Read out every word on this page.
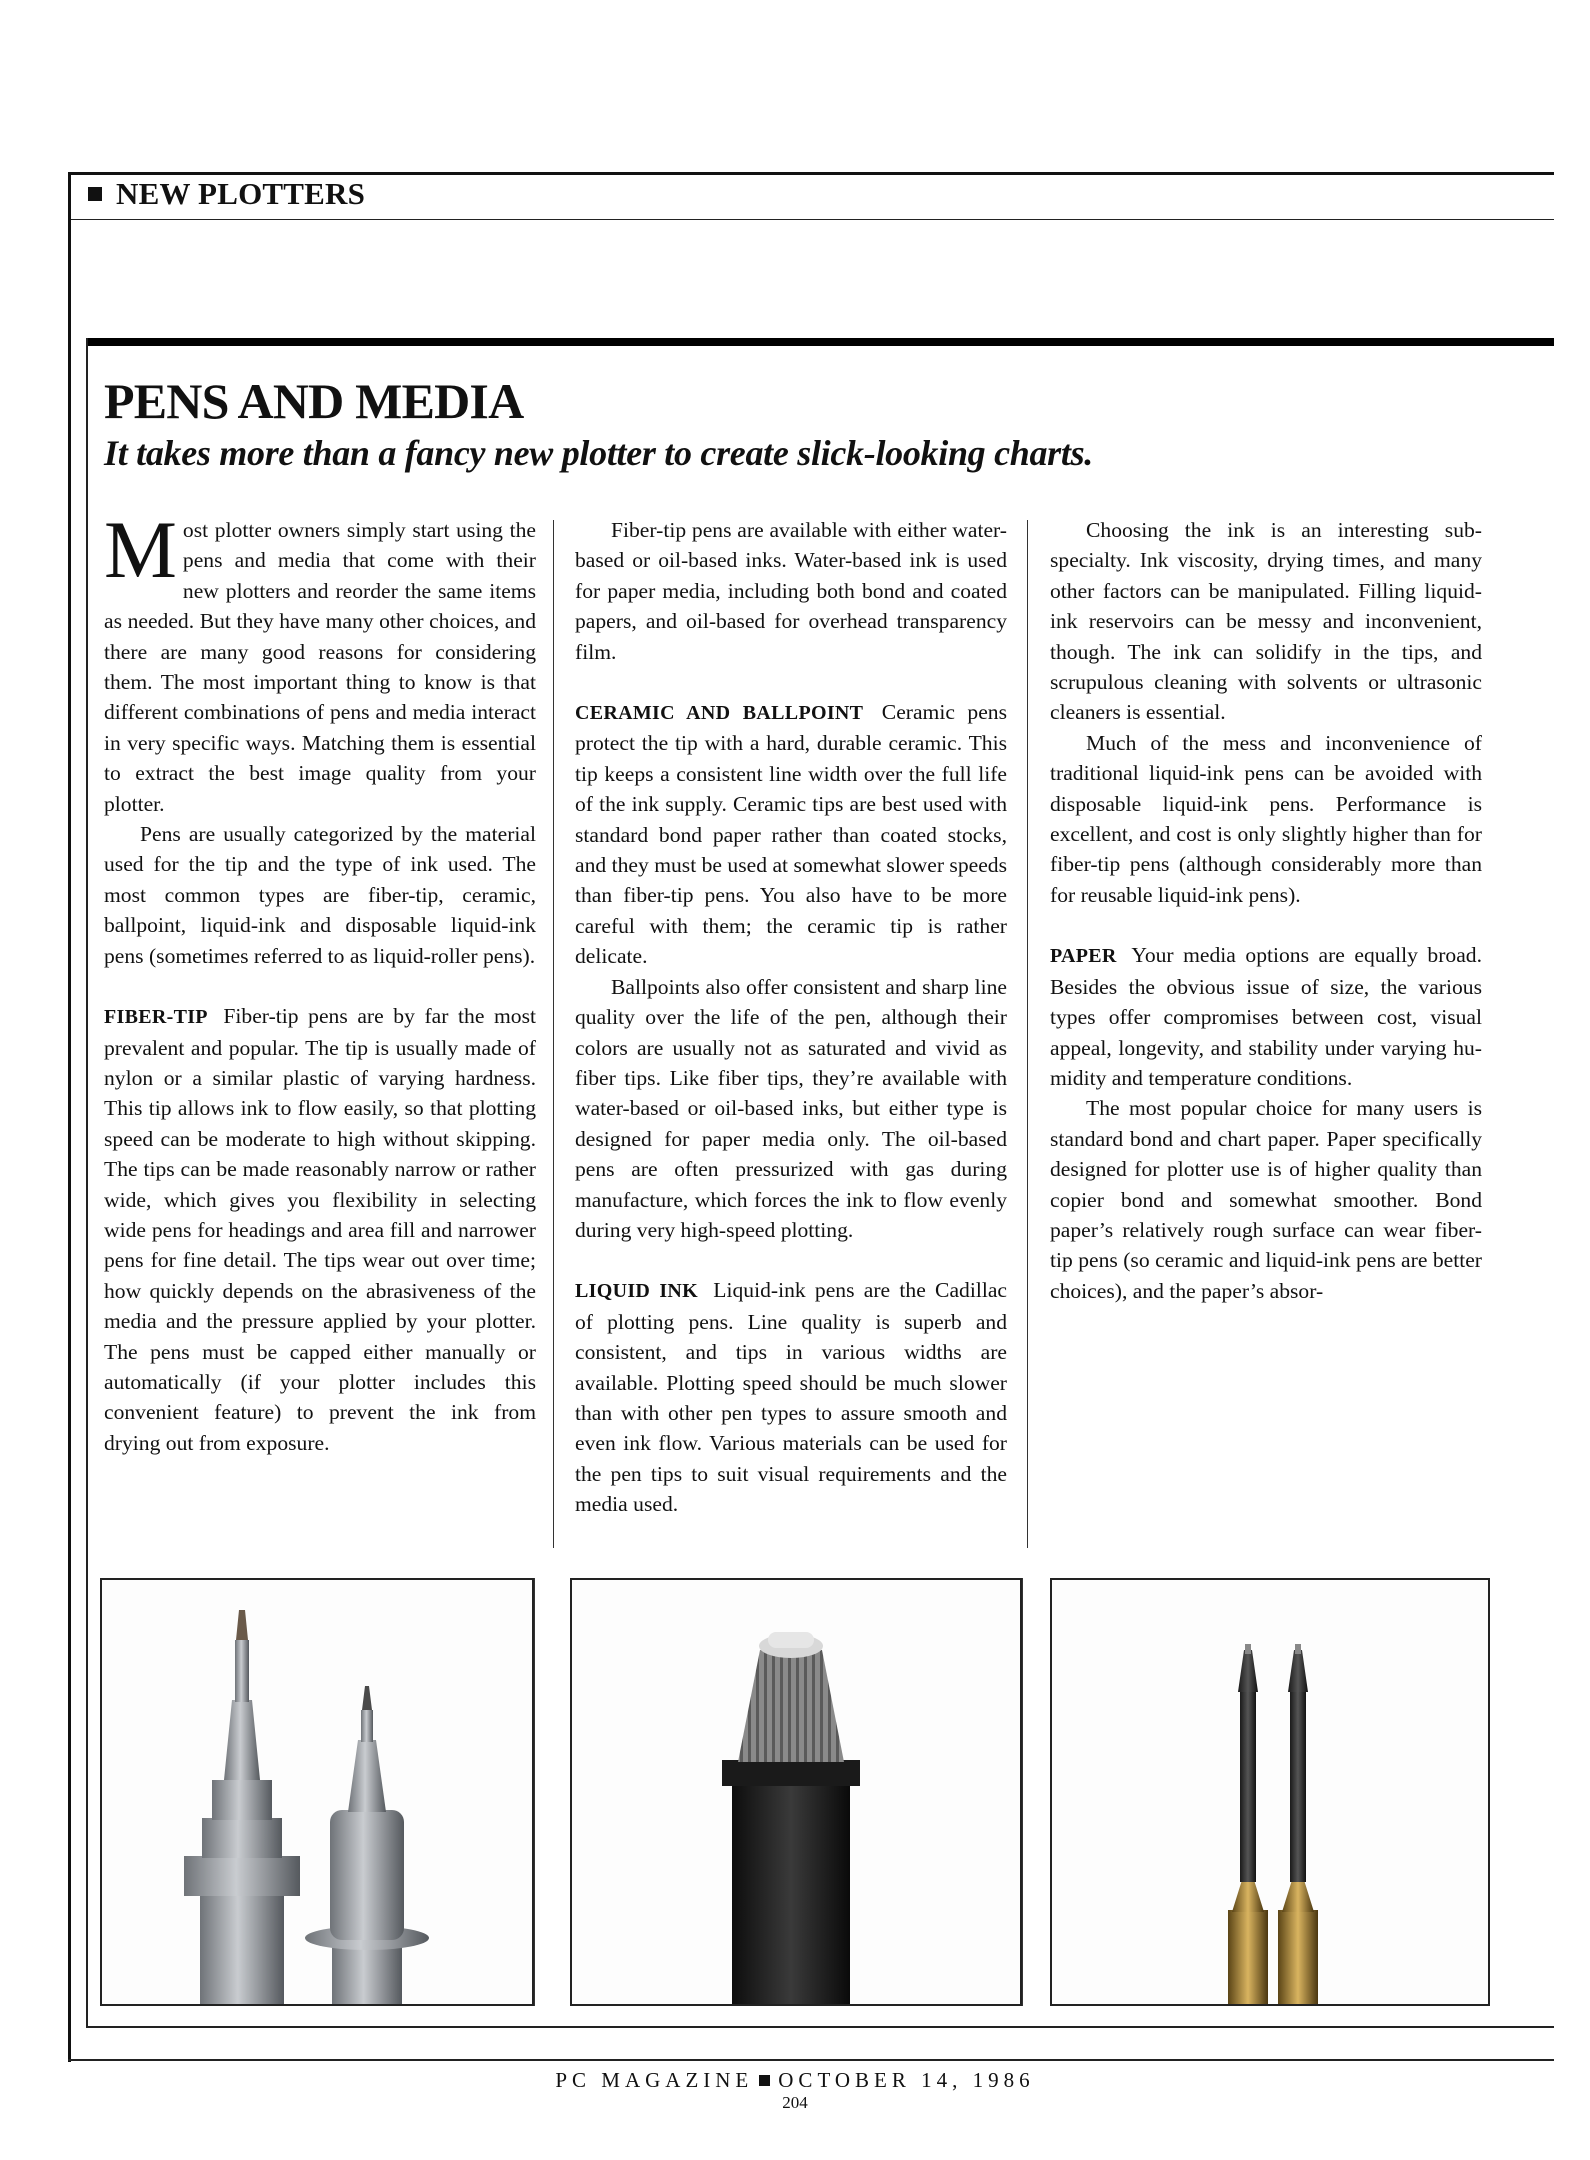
NEW PLOTTERS
PENS AND MEDIA
It takes more than a fancy new plotter to create slick-looking charts.

Most plotter owners simply start using the pens and media that come with their new plotters and reorder the same items as needed. But they have many other choices, and there are many good reasons for considering them. The most important thing to know is that different combinations of pens and media interact in very specific ways. Matching them is essential to extract the best image quality from your plotter.

Pens are usually categorized by the material used for the tip and the type of ink used. The most common types are fiber-tip, ceramic, ballpoint, liquid-ink and disposable liquid-ink pens (sometimes referred to as liquid-roller pens).

FIBER-TIP Fiber-tip pens are by far the most prevalent and popular. The tip is usually made of nylon or a similar plastic of varying hardness. This tip allows ink to flow easily, so that plotting speed can be moderate to high without skipping. The tips can be made reasonably narrow or rather wide, which gives you flexibility in selecting wide pens for headings and area fill and narrower pens for fine detail. The tips wear out over time; how quickly depends on the abrasiveness of the media and the pressure applied by your plotter. The pens must be capped either manually or automatically (if your plotter includes this convenient feature) to prevent the ink from drying out from exposure.

Fiber-tip pens are available with either water-based or oil-based inks. Water-based ink is used for paper media, including both bond and coated papers, and oil-based for overhead transparency film.

CERAMIC AND BALLPOINT Ceramic pens protect the tip with a hard, durable ceramic. This tip keeps a consistent line width over the full life of the ink supply. Ceramic tips are best used with standard bond paper rather than coated stocks, and they must be used at somewhat slower speeds than fiber-tip pens. You also have to be more careful with them; the ceramic tip is rather delicate.

Ballpoints also offer consistent and sharp line quality over the life of the pen, although their colors are usually not as saturated and vivid as fiber tips. Like fiber tips, they’re available with water-based or oil-based inks, but either type is designed for paper media only. The oil-based pens are often pressurized with gas during manufacture, which forces the ink to flow evenly during very high-speed plotting.

LIQUID INK Liquid-ink pens are the Cadillac of plotting pens. Line quality is superb and consistent, and tips in various widths are available. Plotting speed should be much slower than with other pen types to assure smooth and even ink flow. Various materials can be used for the pen tips to suit visual requirements and the media used.

Choosing the ink is an interesting subspecialty. Ink viscosity, drying times, and many other factors can be manipulated. Filling liquid-ink reservoirs can be messy and inconvenient, though. The ink can solidify in the tips, and scrupulous cleaning with solvents or ultrasonic cleaners is essential.

Much of the mess and inconvenience of traditional liquid-ink pens can be avoided with disposable liquid-ink pens. Performance is excellent, and cost is only slightly higher than for fiber-tip pens (although considerably more than for reusable liquid-ink pens).

PAPER Your media options are equally broad. Besides the obvious issue of size, the various types offer compromises between cost, visual appeal, longevity, and stability under varying humidity and temperature conditions.

The most popular choice for many users is standard bond and chart paper. Paper specifically designed for plotter use is of higher quality than copier bond and somewhat smoother. Bond paper’s relatively rough surface can wear fiber-tip pens (so ceramic and liquid-ink pens are better choices), and the paper’s absor-

PC MAGAZINE OCTOBER 14, 1986
204
